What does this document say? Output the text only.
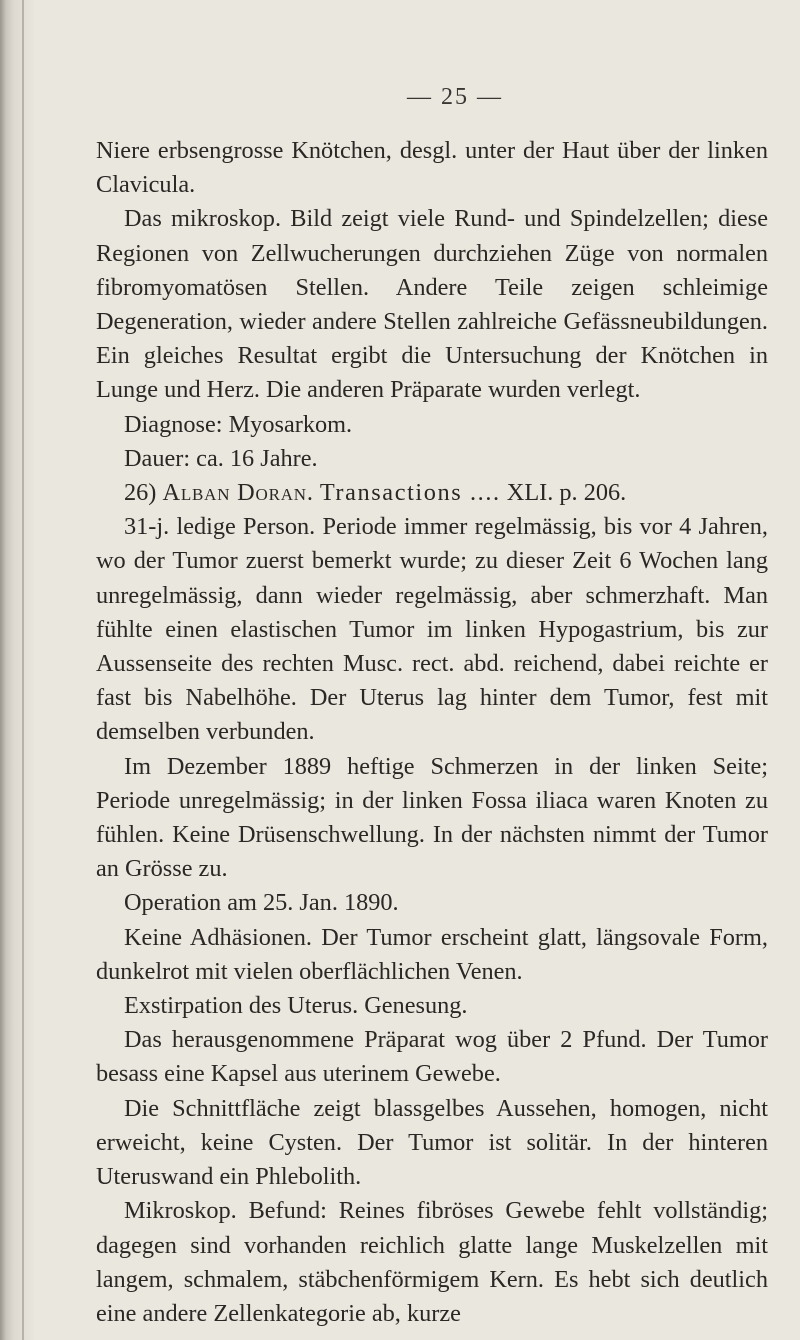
— 25 —

Niere erbsengrosse Knötchen, desgl. unter der Haut über der linken Clavicula.

Das mikroskop. Bild zeigt viele Rund- und Spindelzellen; diese Regionen von Zellwucherungen durchziehen Züge von normalen fibromyomatösen Stellen. Andere Teile zeigen schleimige Degeneration, wieder andere Stellen zahlreiche Gefässneubildungen. Ein gleiches Resultat ergibt die Untersuchung der Knötchen in Lunge und Herz. Die anderen Präparate wurden verlegt.

Diagnose: Myosarkom.

Dauer: ca. 16 Jahre.

26) Alban Doran. Transactions .... XLI. p. 206.

31-j. ledige Person. Periode immer regelmässig, bis vor 4 Jahren, wo der Tumor zuerst bemerkt wurde; zu dieser Zeit 6 Wochen lang unregelmässig, dann wieder regelmässig, aber schmerzhaft. Man fühlte einen elastischen Tumor im linken Hypogastrium, bis zur Aussenseite des rechten Musc. rect. abd. reichend, dabei reichte er fast bis Nabelhöhe. Der Uterus lag hinter dem Tumor, fest mit demselben verbunden.

Im Dezember 1889 heftige Schmerzen in der linken Seite; Periode unregelmässig; in der linken Fossa iliaca waren Knoten zu fühlen. Keine Drüsenschwellung. In der nächsten nimmt der Tumor an Grösse zu.

Operation am 25. Jan. 1890.

Keine Adhäsionen. Der Tumor erscheint glatt, längsovale Form, dunkelrot mit vielen oberflächlichen Venen.

Exstirpation des Uterus. Genesung.

Das herausgenommene Präparat wog über 2 Pfund. Der Tumor besass eine Kapsel aus uterinem Gewebe.

Die Schnittfläche zeigt blassgelbes Aussehen, homogen, nicht erweicht, keine Cysten. Der Tumor ist solitär. In der hinteren Uteruswand ein Phlebolith.

Mikroskop. Befund: Reines fibröses Gewebe fehlt vollständig; dagegen sind vorhanden reichlich glatte lange Muskelzellen mit langem, schmalem, stäbchenförmigem Kern. Es hebt sich deutlich eine andere Zellenkategorie ab, kurze
